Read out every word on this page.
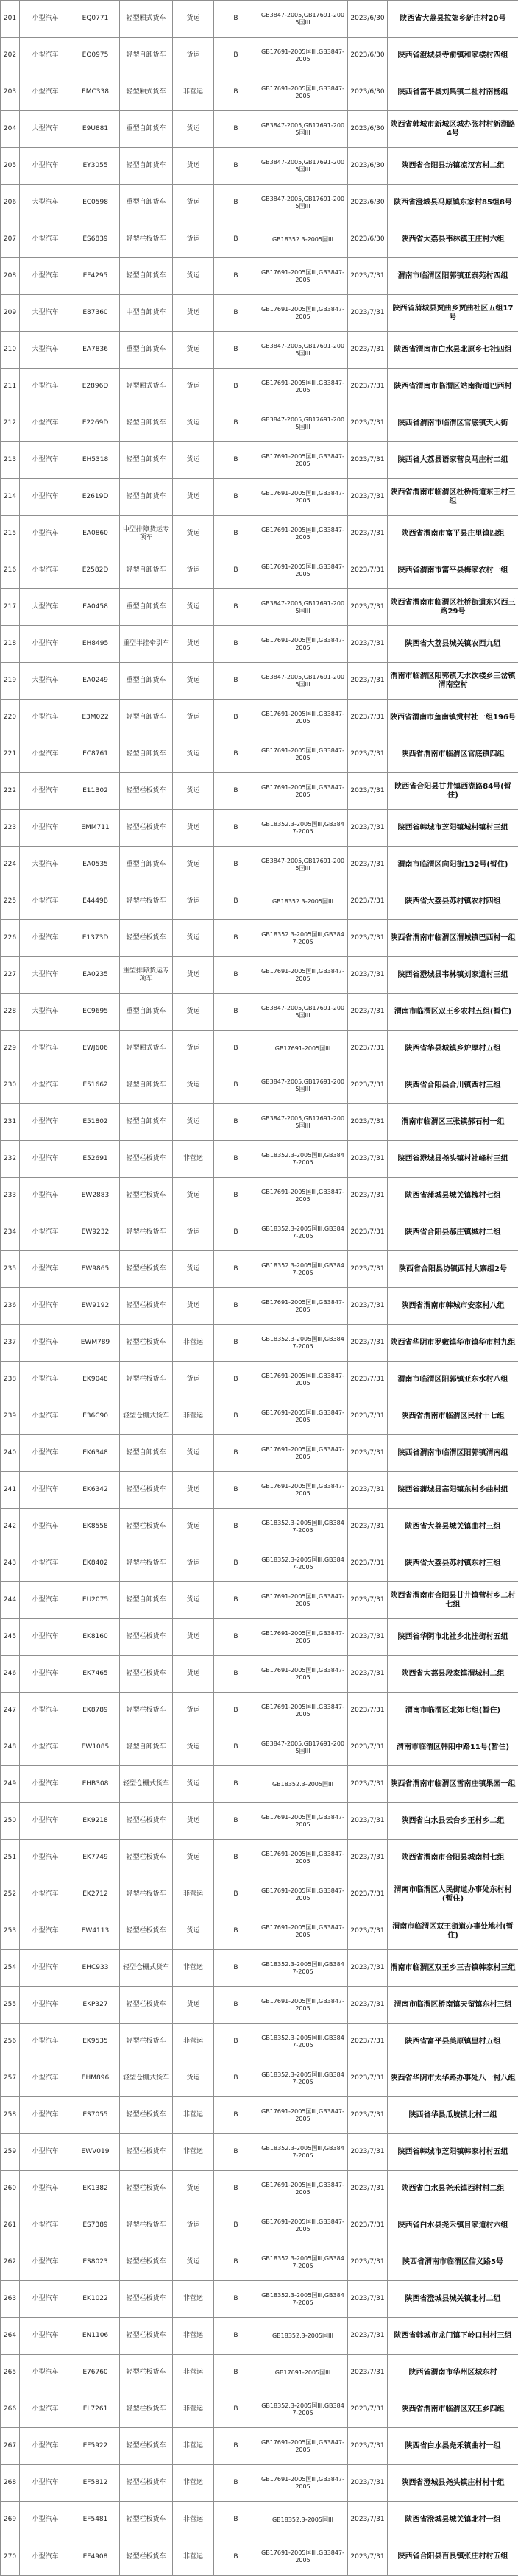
201	小型汽车	EQ0771	轻型厢式货车	货运	B	GB3847-2005,GB17691-2005国III	2023/6/30	陕西省大荔县拉郊乡新庄村20号
202	小型汽车	EQ0975	轻型自卸货车	货运	B	GB17691-2005国III,GB3847-2005	2023/6/30	陕西省澄城县寺前镇和家楼村四组
203	小型汽车	EMC338	轻型厢式货车	非营运	B	GB17691-2005国III,GB3847-2005	2023/6/30	陕西省富平县刘集镇二社村南杨组
204	大型汽车	E9U881	重型自卸货车	货运	B	GB3847-2005,GB17691-2005国III	2023/6/30	陕西省韩城市新城区城办张村村新湖路4号
205	小型汽车	EY3055	轻型自卸货车	货运	B	GB3847-2005,GB17691-2005国III	2023/6/30	陕西省合阳县坊镇凉汉宫村二组
206	大型汽车	EC0598	重型自卸货车	货运	B	GB3847-2005,GB17691-2005国III	2023/6/30	陕西省澄城县冯原镇东家村85组8号
207	小型汽车	ES6839	轻型栏板货车	货运	B	GB18352.3-2005国III	2023/6/30	陕西省大荔县韦林镇王庄村六组
208	小型汽车	EF4295	轻型自卸货车	货运	B	GB17691-2005国III,GB3847-2005	2023/7/31	渭南市临渭区阳郭镇亚泰苑村四组
209	大型汽车	E87360	中型自卸货车	货运	B	GB17691-2005国III,GB3847-2005	2023/7/31	陕西省蒲城县贾曲乡贾曲社区五组17号
210	大型汽车	EA7836	重型自卸货车	货运	B	GB3847-2005,GB17691-2005国III	2023/7/31	陕西省渭南市白水县北原乡七社四组
211	小型汽车	E2896D	轻型厢式货车	货运	B	GB17691-2005国III,GB3847-2005	2023/7/31	陕西省渭南市临渭区站南街道巴西村
212	小型汽车	E2269D	轻型自卸货车	货运	B	GB3847-2005,GB17691-2005国III	2023/7/31	陕西省渭南市临渭区官底镇天大街
213	小型汽车	EH5318	轻型自卸货车	货运	B	GB17691-2005国III,GB3847-2005	2023/7/31	陕西省大荔县语家营良马庄村二组
214	小型汽车	E2619D	轻型自卸货车	货运	B	GB17691-2005国III,GB3847-2005	2023/7/31	陕西省渭南市临渭区杜桥街道东王村三组
215	小型汽车	EA0860	中型排障货运专项车	货运	B	GB17691-2005国III,GB3847-2005	2023/7/31	陕西省渭南市富平县庄里镇四组
216	小型汽车	E2582D	轻型自卸货车	货运	B	GB17691-2005国III,GB3847-2005	2023/7/31	陕西省渭南市富平县梅家农村一组
217	大型汽车	EA0458	重型自卸货车	货运	B	GB3847-2005,GB17691-2005国III	2023/7/31	陕西省渭南市临渭区杜桥街道东兴西三路29号
218	小型汽车	EH8495	重型半挂牵引车	货运	B	GB17691-2005国III,GB3847-2005	2023/7/31	陕西省大荔县城关镇农西九组
219	大型汽车	EA0249	重型自卸货车	货运	B	GB3847-2005,GB17691-2005国III	2023/7/31	渭南市临渭区阳郭镇天水饮楼乡三岔镇渭南空村
220	小型汽车	E3M022	轻型自卸货车	货运	B	GB17691-2005国III,GB3847-2005	2023/7/31	陕西省渭南市鱼南镇赏村社一组196号
221	小型汽车	EC8761	轻型自卸货车	货运	B	GB17691-2005国III,GB3847-2005	2023/7/31	陕西省渭南市临渭区官底镇四组
222	小型汽车	E11B02	轻型栏板货车	货运	B	GB17691-2005国III,GB3847-2005	2023/7/31	陕西省合阳县甘井镇西湖路84号(暂住)
223	小型汽车	EMM711	轻型栏板货车	货运	B	GB18352.3-2005国III,GB3847-2005	2023/7/31	陕西省韩城市芝阳镇城村镇村三组
224	大型汽车	EA0535	重型自卸货车	货运	B	GB3847-2005,GB17691-2005国III	2023/7/31	渭南市临渭区向阳街132号(暂住)
225	小型汽车	E4449B	轻型栏板货车	货运	B	GB18352.3-2005国III	2023/7/31	陕西省大荔县苏村镇农村四组
226	小型汽车	E1373D	轻型栏板货车	货运	B	GB18352.3-2005国III,GB3847-2005	2023/7/31	陕西省渭南市临渭区渭城镇巴西村一组
227	大型汽车	EA0235	重型排障货运专项车	货运	B	GB17691-2005国III,GB3847-2005	2023/7/31	陕西省澄城县韦林镇刘家道村三组
228	大型汽车	EC9695	重型自卸货车	货运	B	GB3847-2005,GB17691-2005国III	2023/7/31	渭南市临渭区双王乡农村五组(暂住)
229	小型汽车	EWJ606	轻型厢式货车	货运	B	GB17691-2005国III	2023/7/31	陕西省华县城镇乡炉厚村五组
230	小型汽车	E51662	轻型自卸货车	货运	B	GB3847-2005,GB17691-2005国III	2023/7/31	陕西省合阳县合川镇西村三组
231	小型汽车	E51802	轻型自卸货车	货运	B	GB3847-2005,GB17691-2005国III	2023/7/31	渭南市临渭区三张镇郝石村一组
232	小型汽车	E52691	轻型栏板货车	非营运	B	GB18352.3-2005国III,GB3847-2005	2023/7/31	陕西省澄城县尧头镇村社峰村三组
233	小型汽车	EW2883	轻型栏板货车	货运	B	GB17691-2005国III,GB3847-2005	2023/7/31	陕西省蒲城县城关镇槐村七组
234	小型汽车	EW9232	轻型栏板货车	货运	B	GB18352.3-2005国III,GB3847-2005	2023/7/31	陕西省合阳县郝庄镇城村二组
235	小型汽车	EW9865	轻型栏板货车	货运	B	GB18352.3-2005国III,GB3847-2005	2023/7/31	陕西省合阳县坊镇西村大寨组2号
236	小型汽车	EW9192	轻型栏板货车	货运	B	GB17691-2005国III,GB3847-2005	2023/7/31	陕西省渭南市韩城市安家村八组
237	小型汽车	EWM789	轻型栏板货车	非营运	B	GB18352.3-2005国III,GB3847-2005	2023/7/31	陕西省华阴市罗敷镇华市镇华市村九组
238	小型汽车	EK9048	轻型栏板货车	货运	B	GB17691-2005国III,GB3847-2005	2023/7/31	渭南市临渭区阳郭镇亚东水村八组
239	小型汽车	E36C90	轻型仓栅式货车	非营运	B	GB17691-2005国III,GB3847-2005	2023/7/31	陕西省渭南市临渭区民村十七组
240	小型汽车	EK6348	轻型自卸货车	货运	B	GB17691-2005国III,GB3847-2005	2023/7/31	陕西省渭南市临渭区阳郭镇渭南组
241	小型汽车	EK6342	轻型栏板货车	货运	B	GB17691-2005国III,GB3847-2005	2023/7/31	陕西省蒲城县高阳镇东村乡曲村组
242	小型汽车	EK8558	轻型栏板货车	货运	B	GB18352.3-2005国III,GB3847-2005	2023/7/31	陕西省大荔县城关镇曲村三组
243	小型汽车	EK8402	轻型栏板货车	货运	B	GB18352.3-2005国III,GB3847-2005	2023/7/31	陕西省大荔县苏村镇东村三组
244	小型汽车	EU2075	轻型自卸货车	货运	B	GB17691-2005国III,GB3847-2005	2023/7/31	陕西省渭南市合阳县甘井镇营村乡二村七组
245	小型汽车	EK8160	轻型栏板货车	货运	B	GB17691-2005国III,GB3847-2005	2023/7/31	陕西省华阴市北社乡北洼街村五组
246	小型汽车	EK7465	轻型栏板货车	货运	B	GB17691-2005国III,GB3847-2005	2023/7/31	陕西省大荔县段家镇渭城村二组
247	小型汽车	EK8789	轻型栏板货车	货运	B	GB17691-2005国III,GB3847-2005	2023/7/31	渭南市临渭区北郊七组(暂住)
248	小型汽车	EW1085	轻型自卸货车	货运	B	GB3847-2005,GB17691-2005国III	2023/7/31	渭南市临渭区韩阳中路11号(暂住)
249	小型汽车	EHB308	轻型仓栅式货车	货运	B	GB18352.3-2005国III	2023/7/31	陕西省渭南市临渭区雪南庄镇果园一组
250	小型汽车	EK9218	轻型栏板货车	货运	B	GB17691-2005国III,GB3847-2005	2023/7/31	陕西省白水县云台乡王村乡二组
251	小型汽车	EK7749	轻型栏板货车	货运	B	GB17691-2005国III,GB3847-2005	2023/7/31	陕西省渭南市合阳县城南村七组
252	小型汽车	EK2712	轻型栏板货车	非营运	B	GB17691-2005国III,GB3847-2005	2023/7/31	渭南市临渭区人民街道办事处东村村(暂住)
253	小型汽车	EW4113	轻型栏板货车	货运	B	GB17691-2005国III,GB3847-2005	2023/7/31	渭南市临渭区双王街道办事处地村(暂住)
254	小型汽车	EHC933	轻型仓栅式货车	非营运	B	GB18352.3-2005国III,GB3847-2005	2023/7/31	渭南市临渭区双王乡三吉镇韩家村三组
255	小型汽车	EKP327	轻型栏板货车	货运	B	GB17691-2005国III,GB3847-2005	2023/7/31	渭南市临渭区桥南镇天留镇东村三组
256	小型汽车	EK9535	轻型栏板货车	非营运	B	GB18352.3-2005国III,GB3847-2005	2023/7/31	陕西省富平县美原镇里村五组
257	小型汽车	EHM896	轻型仓栅式货车	货运	B	GB18352.3-2005国III,GB3847-2005	2023/7/31	陕西省华阴市太华路办事处八一村八组
258	小型汽车	ES7055	轻型栏板货车	非营运	B	GB17691-2005国III,GB3847-2005	2023/7/31	陕西省华县瓜坡镇北村二组
259	小型汽车	EWV019	轻型栏板货车	非营运	B	GB18352.3-2005国III,GB3847-2005	2023/7/31	陕西省韩城市芝阳镇韩家村村五组
260	小型汽车	EK1382	轻型栏板货车	货运	B	GB17691-2005国III,GB3847-2005	2023/7/31	陕西省白水县尧禾镇西村村二组
261	小型汽车	ES7389	轻型栏板货车	货运	B	GB17691-2005国III,GB3847-2005	2023/7/31	陕西省白水县尧禾镇目家道村六组
262	小型汽车	ES8023	轻型栏板货车	货运	B	GB18352.3-2005国III,GB3847-2005	2023/7/31	陕西省渭南市临渭区信义路5号
263	小型汽车	EK1022	轻型栏板货车	非营运	B	GB18352.3-2005国III,GB3847-2005	2023/7/31	陕西省澄城县城关镇北村二组
264	小型汽车	EN1106	轻型栏板货车	非营运	B	GB18352.3-2005国III	2023/7/31	陕西省韩城市龙门镇下岭口村村三组
265	小型汽车	E76760	轻型栏板货车	非营运	B	GB17691-2005国III	2023/7/31	陕西省渭南市华州区城东村
266	小型汽车	EL7261	轻型栏板货车	非营运	B	GB18352.3-2005国III,GB3847-2005	2023/7/31	陕西省渭南市临渭区双王乡四组
267	小型汽车	EF5922	轻型栏板货车	非营运	B	GB17691-2005国III,GB3847-2005	2023/7/31	陕西省白水县尧禾镇曲村一组
268	小型汽车	EF5812	轻型栏板货车	非营运	B	GB17691-2005国III,GB3847-2005	2023/7/31	陕西省澄城县尧头镇庄村村十组
269	小型汽车	EF5481	轻型栏板货车	非营运	B	GB18352.3-2005国III	2023/7/31	陕西省澄城县城关镇北村一组
270	小型汽车	EF4908	轻型栏板货车	非营运	B	GB17691-2005国III,GB3847-2005	2023/7/31	陕西省合阳县百良镇张庄村村五组
